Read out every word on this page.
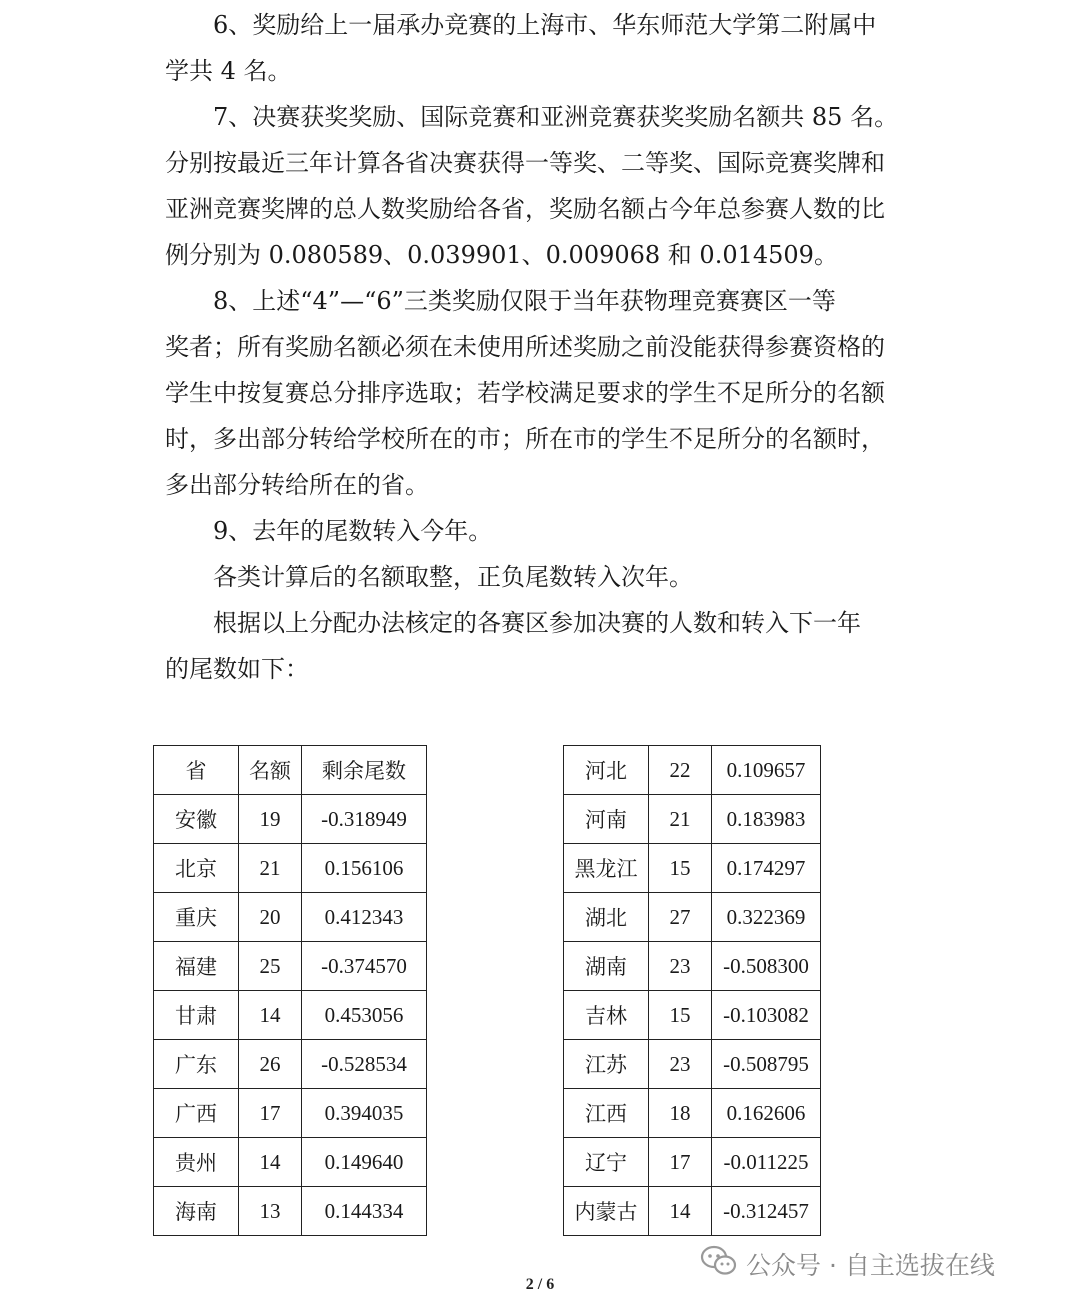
6、奖励给上一届承办竞赛的上海市、华东师范大学第二附属中

学共 4 名。

7、决赛获奖奖励、国际竞赛和亚洲竞赛获奖奖励名额共 85 名。

分别按最近三年计算各省决赛获得一等奖、二等奖、国际竞赛奖牌和

亚洲竞赛奖牌的总人数奖励给各省，奖励名额占今年总参赛人数的比

例分别为 0.080589、0.039901、0.009068 和 0.014509。

8、上述“4”—“6”三类奖励仅限于当年获物理竞赛赛区一等

奖者；所有奖励名额必须在未使用所述奖励之前没能获得参赛资格的

学生中按复赛总分排序选取；若学校满足要求的学生不足所分的名额

时，多出部分转给学校所在的市；所在市的学生不足所分的名额时，

多出部分转给所在的省。

9、去年的尾数转入今年。

各类计算后的名额取整，正负尾数转入次年。

根据以上分配办法核定的各赛区参加决赛的人数和转入下一年

的尾数如下：

省	名额	剩余尾数
安徽	19	-0.318949
北京	21	0.156106
重庆	20	0.412343
福建	25	-0.374570
甘肃	14	0.453056
广东	26	-0.528534
广西	17	0.394035
贵州	14	0.149640
海南	13	0.144334
河北	22	0.109657
河南	21	0.183983
黑龙江	15	0.174297
湖北	27	0.322369
湖南	23	-0.508300
吉林	15	-0.103082
江苏	23	-0.508795
江西	18	0.162606
辽宁	17	-0.011225
内蒙古	14	-0.312457
公众号 · 自主选拔在线
2 / 6
